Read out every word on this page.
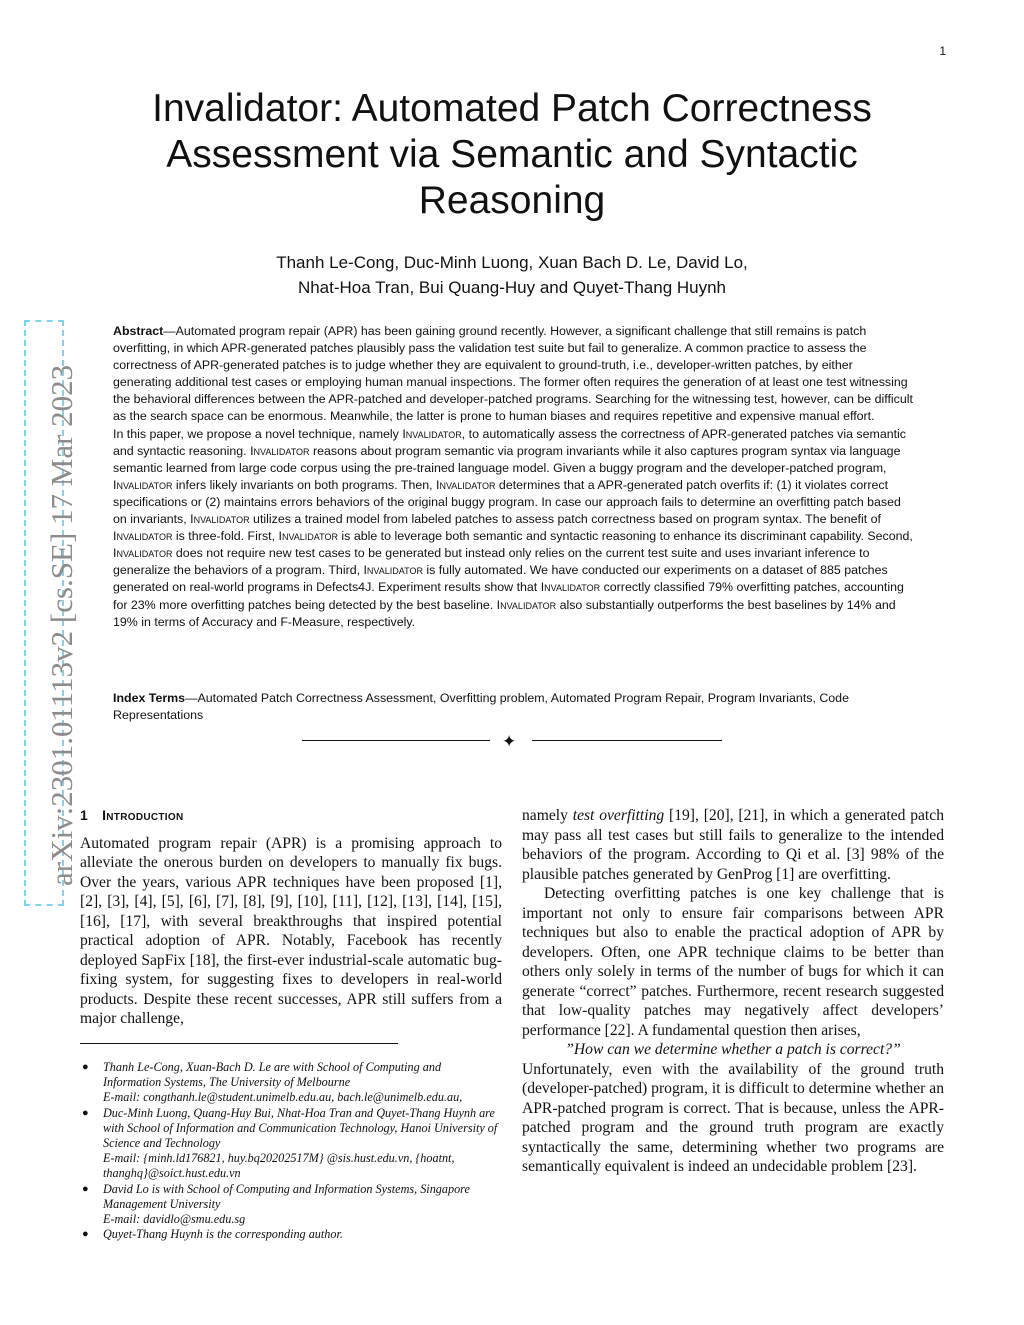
1
arXiv:2301.01113v2 [cs.SE] 17 Mar 2023
Invalidator: Automated Patch Correctness Assessment via Semantic and Syntactic Reasoning
Thanh Le-Cong, Duc-Minh Luong, Xuan Bach D. Le, David Lo,
Nhat-Hoa Tran, Bui Quang-Huy and Quyet-Thang Huynh

Abstract—Automated program repair (APR) has been gaining ground recently. However, a significant challenge that still remains is patch overfitting, in which APR-generated patches plausibly pass the validation test suite but fail to generalize. A common practice to assess the correctness of APR-generated patches is to judge whether they are equivalent to ground-truth, i.e., developer-written patches, by either generating additional test cases or employing human manual inspections. The former often requires the generation of at least one test witnessing the behavioral differences between the APR-patched and developer-patched programs. Searching for the witnessing test, however, can be difficult as the search space can be enormous. Meanwhile, the latter is prone to human biases and requires repetitive and expensive manual effort.

In this paper, we propose a novel technique, namely Invalidator, to automatically assess the correctness of APR-generated patches via semantic and syntactic reasoning. Invalidator reasons about program semantic via program invariants while it also captures program syntax via language semantic learned from large code corpus using the pre-trained language model. Given a buggy program and the developer-patched program, Invalidator infers likely invariants on both programs. Then, Invalidator determines that a APR-generated patch overfits if: (1) it violates correct specifications or (2) maintains errors behaviors of the original buggy program. In case our approach fails to determine an overfitting patch based on invariants, Invalidator utilizes a trained model from labeled patches to assess patch correctness based on program syntax. The benefit of Invalidator is three-fold. First, Invalidator is able to leverage both semantic and syntactic reasoning to enhance its discriminant capability. Second, Invalidator does not require new test cases to be generated but instead only relies on the current test suite and uses invariant inference to generalize the behaviors of a program. Third, Invalidator is fully automated. We have conducted our experiments on a dataset of 885 patches generated on real-world programs in Defects4J. Experiment results show that Invalidator correctly classified 79% overfitting patches, accounting for 23% more overfitting patches being detected by the best baseline. Invalidator also substantially outperforms the best baselines by 14% and 19% in terms of Accuracy and F-Measure, respectively.

Index Terms—Automated Patch Correctness Assessment, Overfitting problem, Automated Program Repair, Program Invariants, Code Representations
✦
1 Introduction

Automated program repair (APR) is a promising approach to alleviate the onerous burden on developers to manually fix bugs. Over the years, various APR techniques have been proposed [1], [2], [3], [4], [5], [6], [7], [8], [9], [10], [11], [12], [13], [14], [15], [16], [17], with several breakthroughs that inspired potential practical adoption of APR. Notably, Facebook has recently deployed SapFix [18], the first-ever industrial-scale automatic bug-fixing system, for suggesting fixes to developers in real-world products. Despite these recent successes, APR still suffers from a major challenge,

● Thanh Le-Cong, Xuan-Bach D. Le are with School of Computing and Information Systems, The University of Melbourne
E-mail: congthanh.le@student.unimelb.edu.au, bach.le@unimelb.edu.au,
● Duc-Minh Luong, Quang-Huy Bui, Nhat-Hoa Tran and Quyet-Thang Huynh are with School of Information and Communication Technology, Hanoi University of Science and Technology
E-mail: {minh.ld176821, huy.bq20202517M} @sis.hust.edu.vn, {hoatnt, thanghq}@soict.hust.edu.vn
● David Lo is with School of Computing and Information Systems, Singapore Management University
E-mail: davidlo@smu.edu.sg
● Quyet-Thang Huynh is the corresponding author.

namely test overfitting [19], [20], [21], in which a generated patch may pass all test cases but still fails to generalize to the intended behaviors of the program. According to Qi et al. [3] 98% of the plausible patches generated by GenProg [1] are overfitting.

Detecting overfitting patches is one key challenge that is important not only to ensure fair comparisons between APR techniques but also to enable the practical adoption of APR by developers. Often, one APR technique claims to be better than others only solely in terms of the number of bugs for which it can generate “correct” patches. Furthermore, recent research suggested that low-quality patches may negatively affect developers’ performance [22]. A fundamental question then arises,

”How can we determine whether a patch is correct?”

Unfortunately, even with the availability of the ground truth (developer-patched) program, it is difficult to determine whether an APR-patched program is correct. That is because, unless the APR-patched program and the ground truth program are exactly syntactically the same, determining whether two programs are semantically equivalent is indeed an undecidable problem [23].
